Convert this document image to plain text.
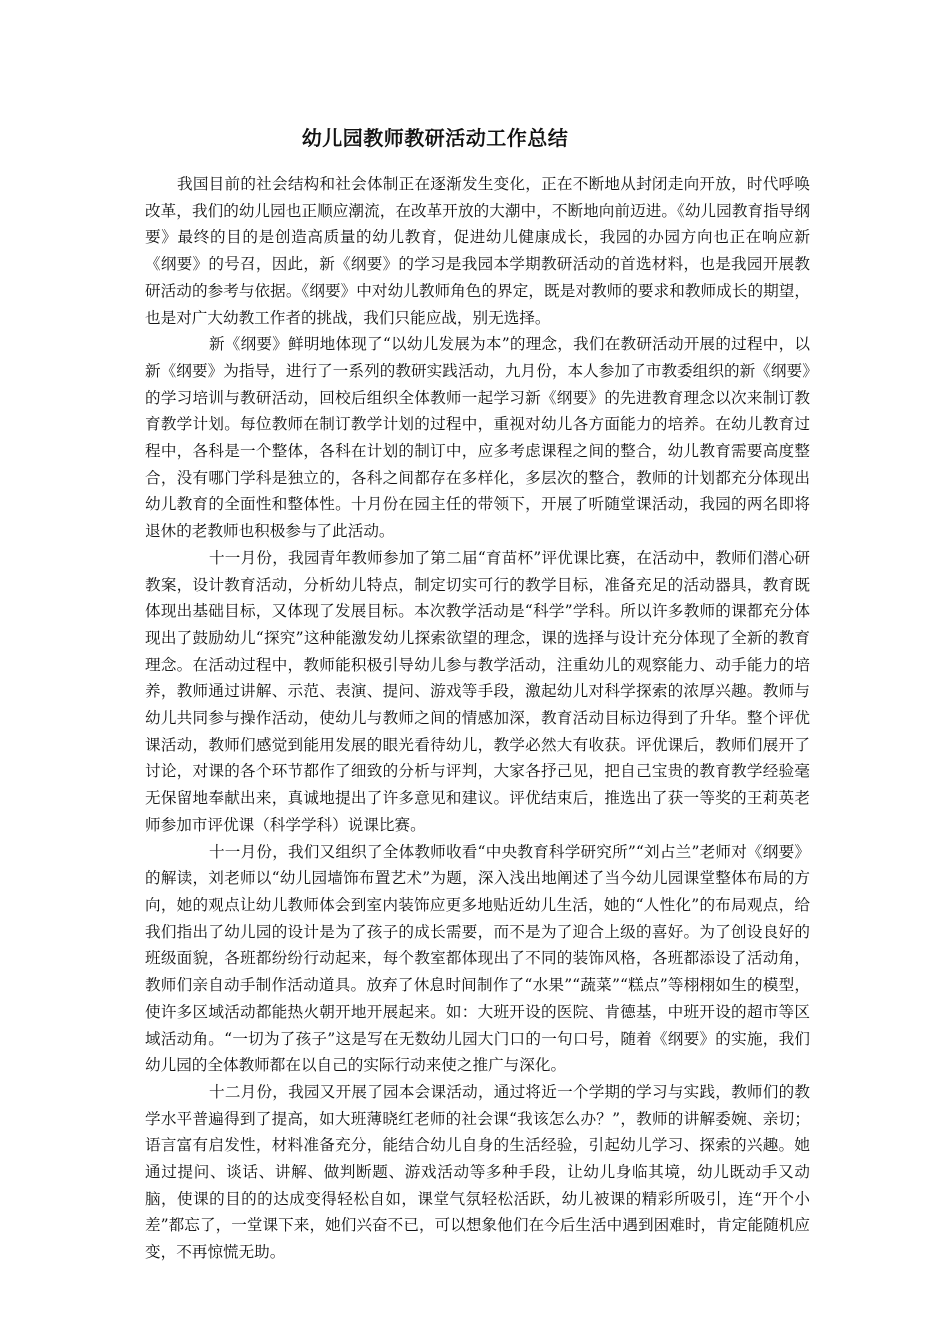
幼儿园教师教研活动工作总结

我国目前的社会结构和社会体制正在逐渐发生变化，正在不断地从封闭走向开放，时代呼唤改革，我们的幼儿园也正顺应潮流，在改革开放的大潮中，不断地向前迈进。《幼儿园教育指导纲要》最终的目的是创造高质量的幼儿教育，促进幼儿健康成长，我园的办园方向也正在响应新《纲要》的号召，因此，新《纲要》的学习是我园本学期教研活动的首选材料，也是我园开展教研活动的参考与依据。《纲要》中对幼儿教师角色的界定，既是对教师的要求和教师成长的期望，也是对广大幼教工作者的挑战，我们只能应战，别无选择。

新《纲要》鲜明地体现了“以幼儿发展为本”的理念，我们在教研活动开展的过程中，以新《纲要》为指导，进行了一系列的教研实践活动，九月份，本人参加了市教委组织的新《纲要》的学习培训与教研活动，回校后组织全体教师一起学习新《纲要》的先进教育理念以次来制订教育教学计划。每位教师在制订教学计划的过程中，重视对幼儿各方面能力的培养。在幼儿教育过程中，各科是一个整体，各科在计划的制订中，应多考虑课程之间的整合，幼儿教育需要高度整合，没有哪门学科是独立的，各科之间都存在多样化，多层次的整合，教师的计划都充分体现出幼儿教育的全面性和整体性。十月份在园主任的带领下，开展了听随堂课活动，我园的两名即将退休的老教师也积极参与了此活动。

十一月份，我园青年教师参加了第二届“育苗杯”评优课比赛，在活动中，教师们潜心研教案，设计教育活动，分析幼儿特点，制定切实可行的教学目标，准备充足的活动器具，教育既体现出基础目标，又体现了发展目标。本次教学活动是“科学”学科。所以许多教师的课都充分体现出了鼓励幼儿“探究”这种能激发幼儿探索欲望的理念，课的选择与设计充分体现了全新的教育理念。在活动过程中，教师能积极引导幼儿参与教学活动，注重幼儿的观察能力、动手能力的培养，教师通过讲解、示范、表演、提问、游戏等手段，激起幼儿对科学探索的浓厚兴趣。教师与幼儿共同参与操作活动，使幼儿与教师之间的情感加深，教育活动目标边得到了升华。整个评优课活动，教师们感觉到能用发展的眼光看待幼儿，教学必然大有收获。评优课后，教师们展开了讨论，对课的各个环节都作了细致的分析与评判，大家各抒己见，把自己宝贵的教育教学经验毫无保留地奉献出来，真诚地提出了许多意见和建议。评优结束后，推选出了获一等奖的王莉英老师参加市评优课（科学学科）说课比赛。

十一月份，我们又组织了全体教师收看“中央教育科学研究所”“刘占兰”老师对《纲要》的解读，刘老师以“幼儿园墙饰布置艺术”为题，深入浅出地阐述了当今幼儿园课堂整体布局的方向，她的观点让幼儿教师体会到室内装饰应更多地贴近幼儿生活，她的“人性化”的布局观点，给我们指出了幼儿园的设计是为了孩子的成长需要，而不是为了迎合上级的喜好。为了创设良好的班级面貌，各班都纷纷行动起来，每个教室都体现出了不同的装饰风格，各班都添设了活动角，教师们亲自动手制作活动道具。放弃了休息时间制作了“水果”“蔬菜”“糕点”等栩栩如生的模型，使许多区域活动都能热火朝开地开展起来。如：大班开设的医院、肯德基，中班开设的超市等区域活动角。“一切为了孩子”这是写在无数幼儿园大门口的一句口号，随着《纲要》的实施，我们幼儿园的全体教师都在以自己的实际行动来使之推广与深化。

十二月份，我园又开展了园本会课活动，通过将近一个学期的学习与实践，教师们的教学水平普遍得到了提高，如大班薄晓红老师的社会课“我该怎么办？”，教师的讲解委婉、亲切；语言富有启发性，材料准备充分，能结合幼儿自身的生活经验，引起幼儿学习、探索的兴趣。她通过提问、谈话、讲解、做判断题、游戏活动等多种手段，让幼儿身临其境，幼儿既动手又动脑，使课的目的的达成变得轻松自如，课堂气氛轻松活跃，幼儿被课的精彩所吸引，连“开个小差”都忘了，一堂课下来，她们兴奋不已，可以想象他们在今后生活中遇到困难时，肯定能随机应变，不再惊慌无助。
